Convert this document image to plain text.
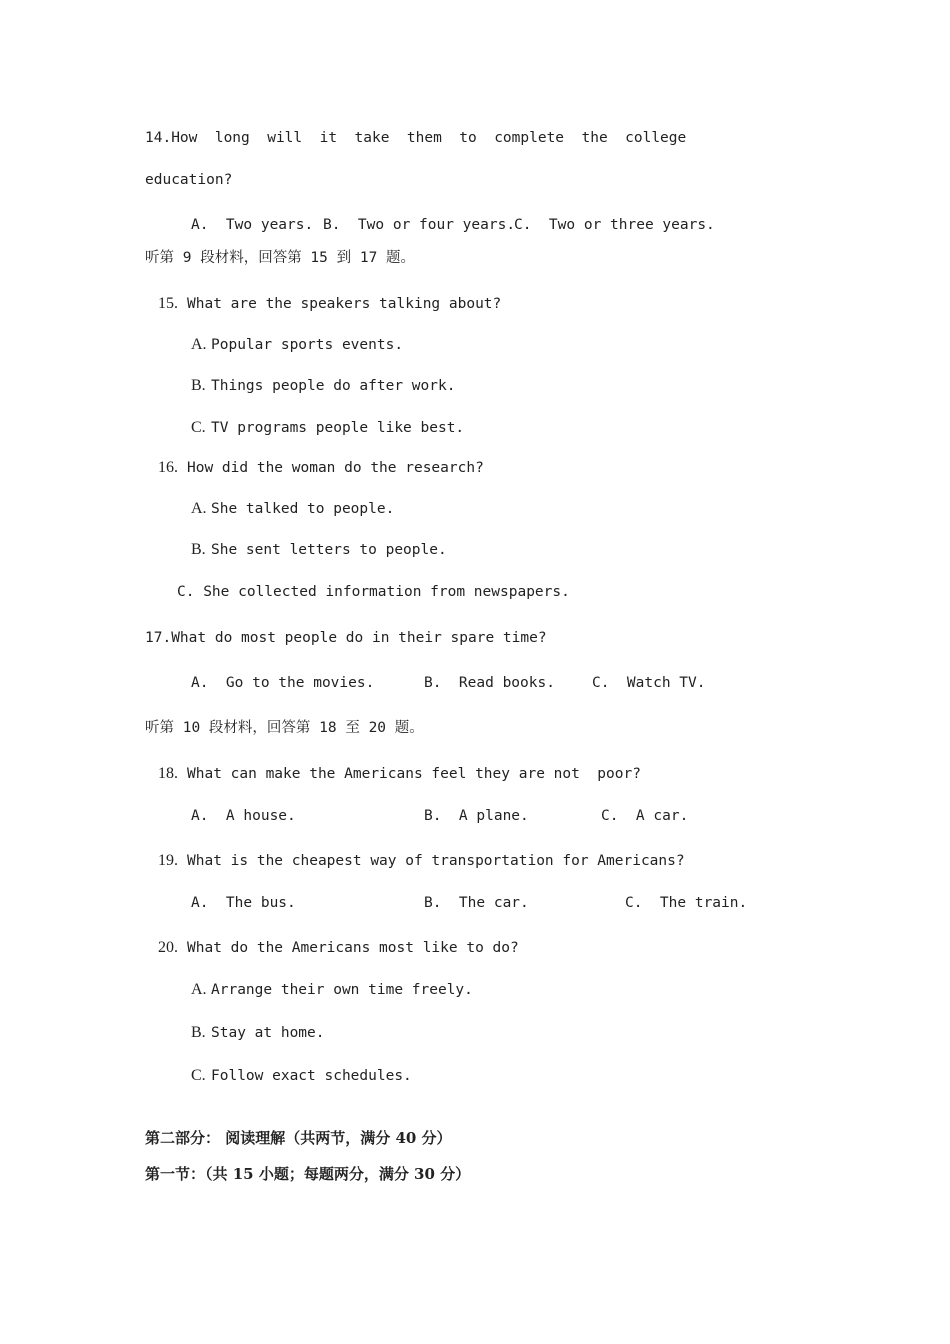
14.How  long  will  it  take  them  to  complete  the  college
education?
A.  Two years. B.  Two or four years.
C.  Two or three years.
听第 9 段材料，回答第 15 到 17 题。
15. What are the speakers talking about?
A. Popular sports events.
B. Things people do after work.
C. TV programs people like best.
16. How did the woman do the research?
A. She talked to people.
B. She sent letters to people.
C. She collected information from newspapers.
17.What do most people do in their spare time?
A.  Go to the movies.	B.  Read books.	C.  Watch TV.
听第 10 段材料，回答第 18 至 20 题。
18. What can make the Americans feel they are not  poor?
A.  A house.	B.  A plane.	C.  A car.
19. What is the cheapest way of transportation for Americans?
A.  The bus.	B.  The car.	C.  The train.
20. What do the Americans most like to do?
A. Arrange their own time freely.
B. Stay at home.
C. Follow exact schedules.
第二部分： 阅读理解（共两节，满分 40 分）
第一节：（共 15 小题；每题两分，满分 30 分）
